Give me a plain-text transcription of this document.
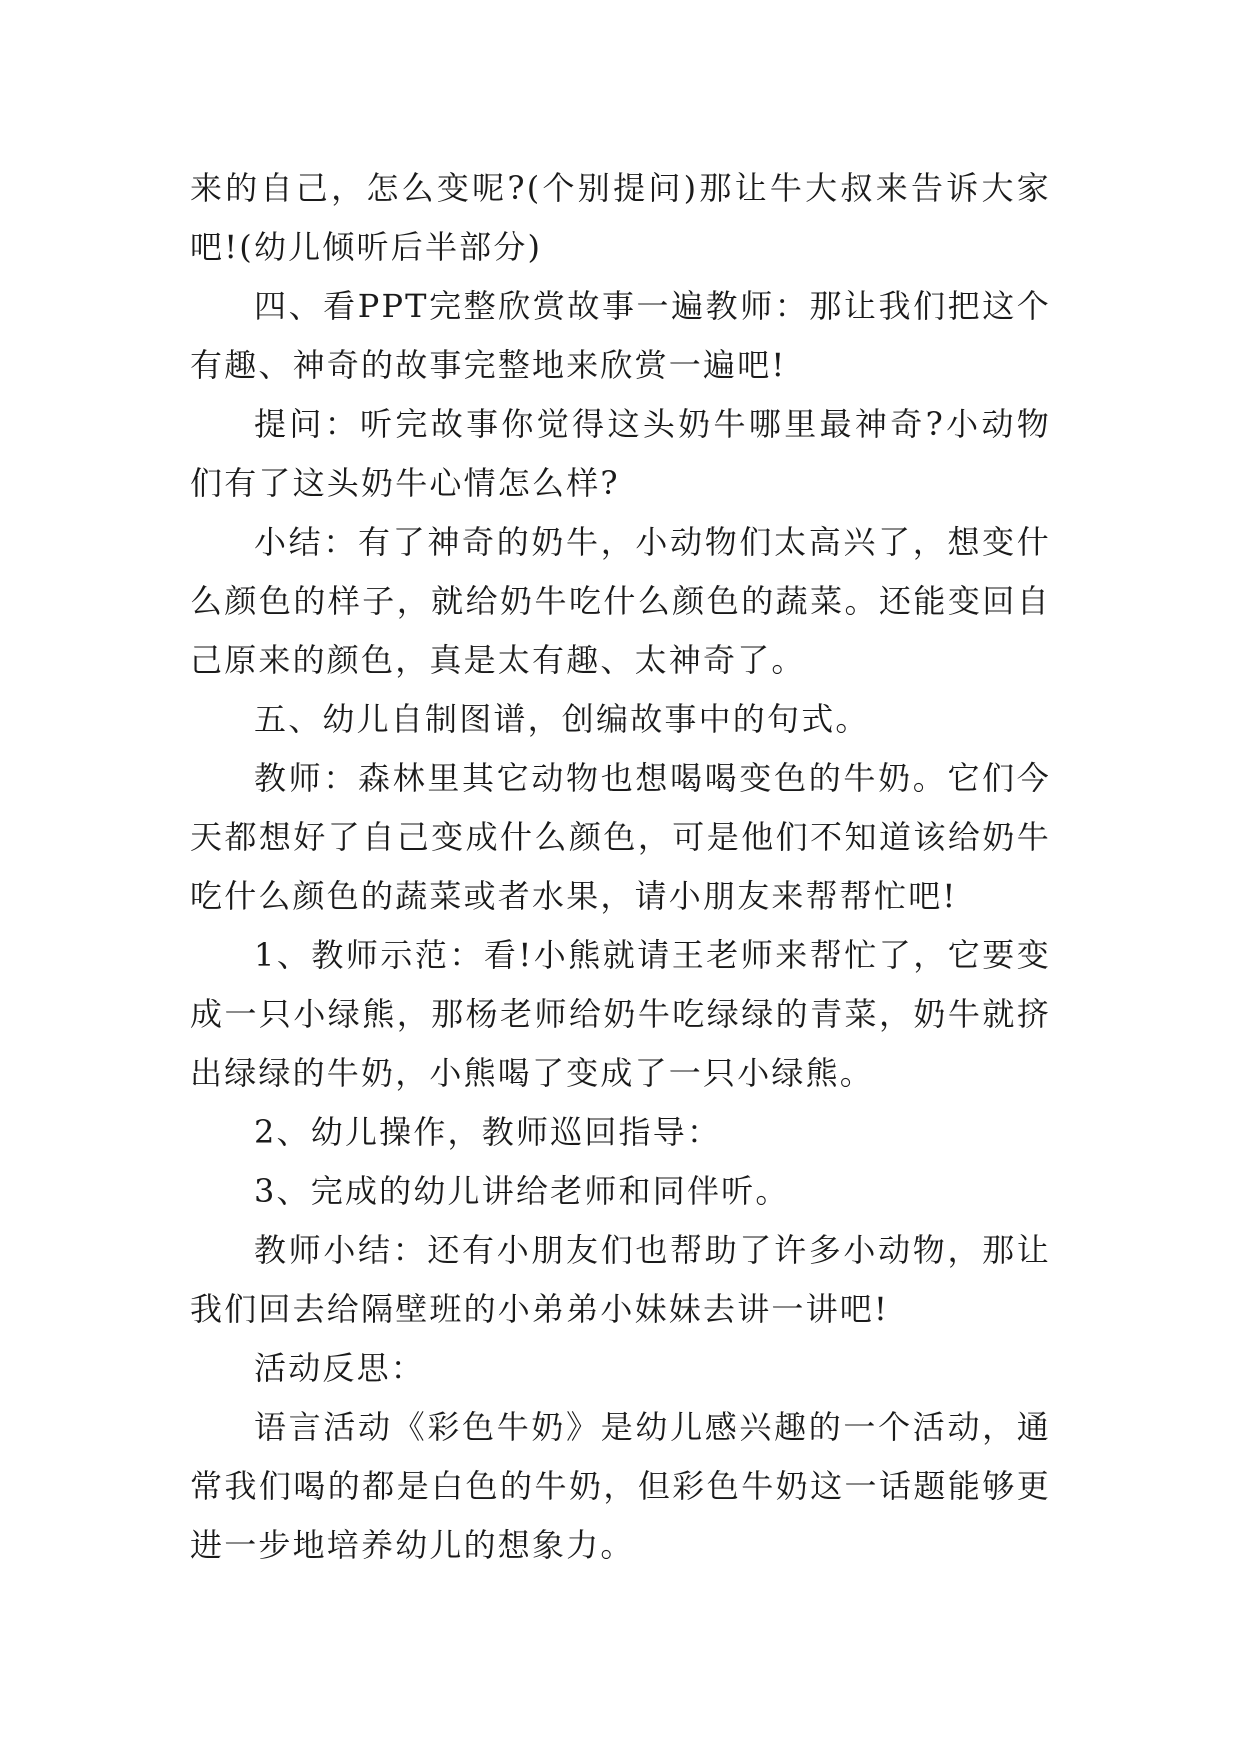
来的自己，怎么变呢?(个别提问)那让牛大叔来告诉大家吧!(幼儿倾听后半部分)

四、看PPT完整欣赏故事一遍教师：那让我们把这个有趣、神奇的故事完整地来欣赏一遍吧!

提问：听完故事你觉得这头奶牛哪里最神奇?小动物们有了这头奶牛心情怎么样?

小结：有了神奇的奶牛，小动物们太高兴了，想变什么颜色的样子，就给奶牛吃什么颜色的蔬菜。还能变回自己原来的颜色，真是太有趣、太神奇了。

五、幼儿自制图谱，创编故事中的句式。

教师：森林里其它动物也想喝喝变色的牛奶。它们今天都想好了自己变成什么颜色，可是他们不知道该给奶牛吃什么颜色的蔬菜或者水果，请小朋友来帮帮忙吧!

1、教师示范：看!小熊就请王老师来帮忙了，它要变成一只小绿熊，那杨老师给奶牛吃绿绿的青菜，奶牛就挤出绿绿的牛奶，小熊喝了变成了一只小绿熊。

2、幼儿操作，教师巡回指导：

3、完成的幼儿讲给老师和同伴听。

教师小结：还有小朋友们也帮助了许多小动物，那让我们回去给隔壁班的小弟弟小妹妹去讲一讲吧!

活动反思：

语言活动《彩色牛奶》是幼儿感兴趣的一个活动，通常我们喝的都是白色的牛奶，但彩色牛奶这一话题能够更进一步地培养幼儿的想象力。
